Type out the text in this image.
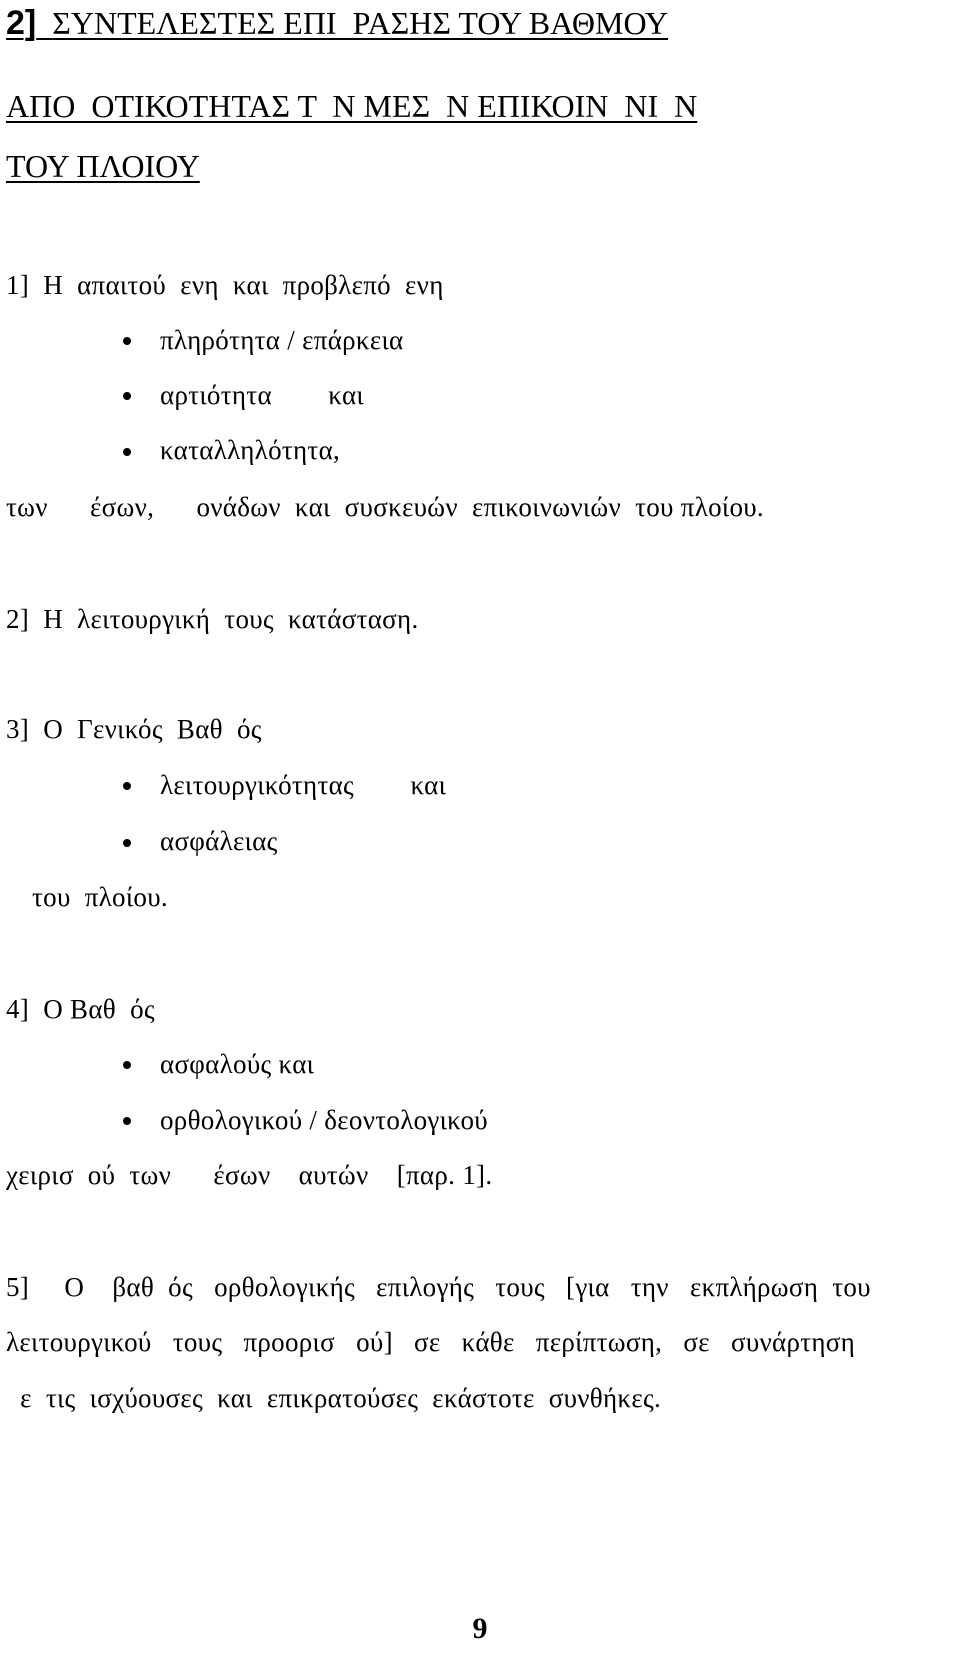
2] ΣΥΝΤΕΛΕΣΤΕΣ ΕΠΙ  ΡΑΣΗΣ ΤΟΥ ΒΑΘΜΟΥ
ΑΠΟ  ΟΤΙΚΟΤΗΤΑΣ Τ  Ν ΜΕΣ  Ν ΕΠΙΚΟΙΝ  ΝΙ  Ν
ΤΟΥ ΠΛΟΙΟΥ
1]  Η  απαιτού  ενη  και  προβλεπό  ενη
πληρότητα / επάρκεια
αρτιότητα        και
καταλληλότητα,
των      έσων,      ονάδων  και  συσκευών  επικοινωνιών  του πλοίου.
2]  Η  λειτουργική  τους  κατάσταση.
3]  Ο  Γενικός  Βαθ  ός
λειτουργικότητας        και
ασφάλειας
του  πλοίου.
4]  Ο Βαθ  ός
ασφαλούς και
ορθολογικού / δεοντολογικού
χειρισ  ού  των      έσων    αυτών    [παρ. 1].
5]     Ο    βαθ  ός   ορθολογικής   επιλογής   τους   [για   την   εκπλήρωση  του
λειτουργικού   τους   προορισ   ού]   σε   κάθε   περίπτωση,   σε   συνάρτηση
ε  τις  ισχύουσες  και  επικρατούσες  εκάστοτε  συνθήκες.
9
